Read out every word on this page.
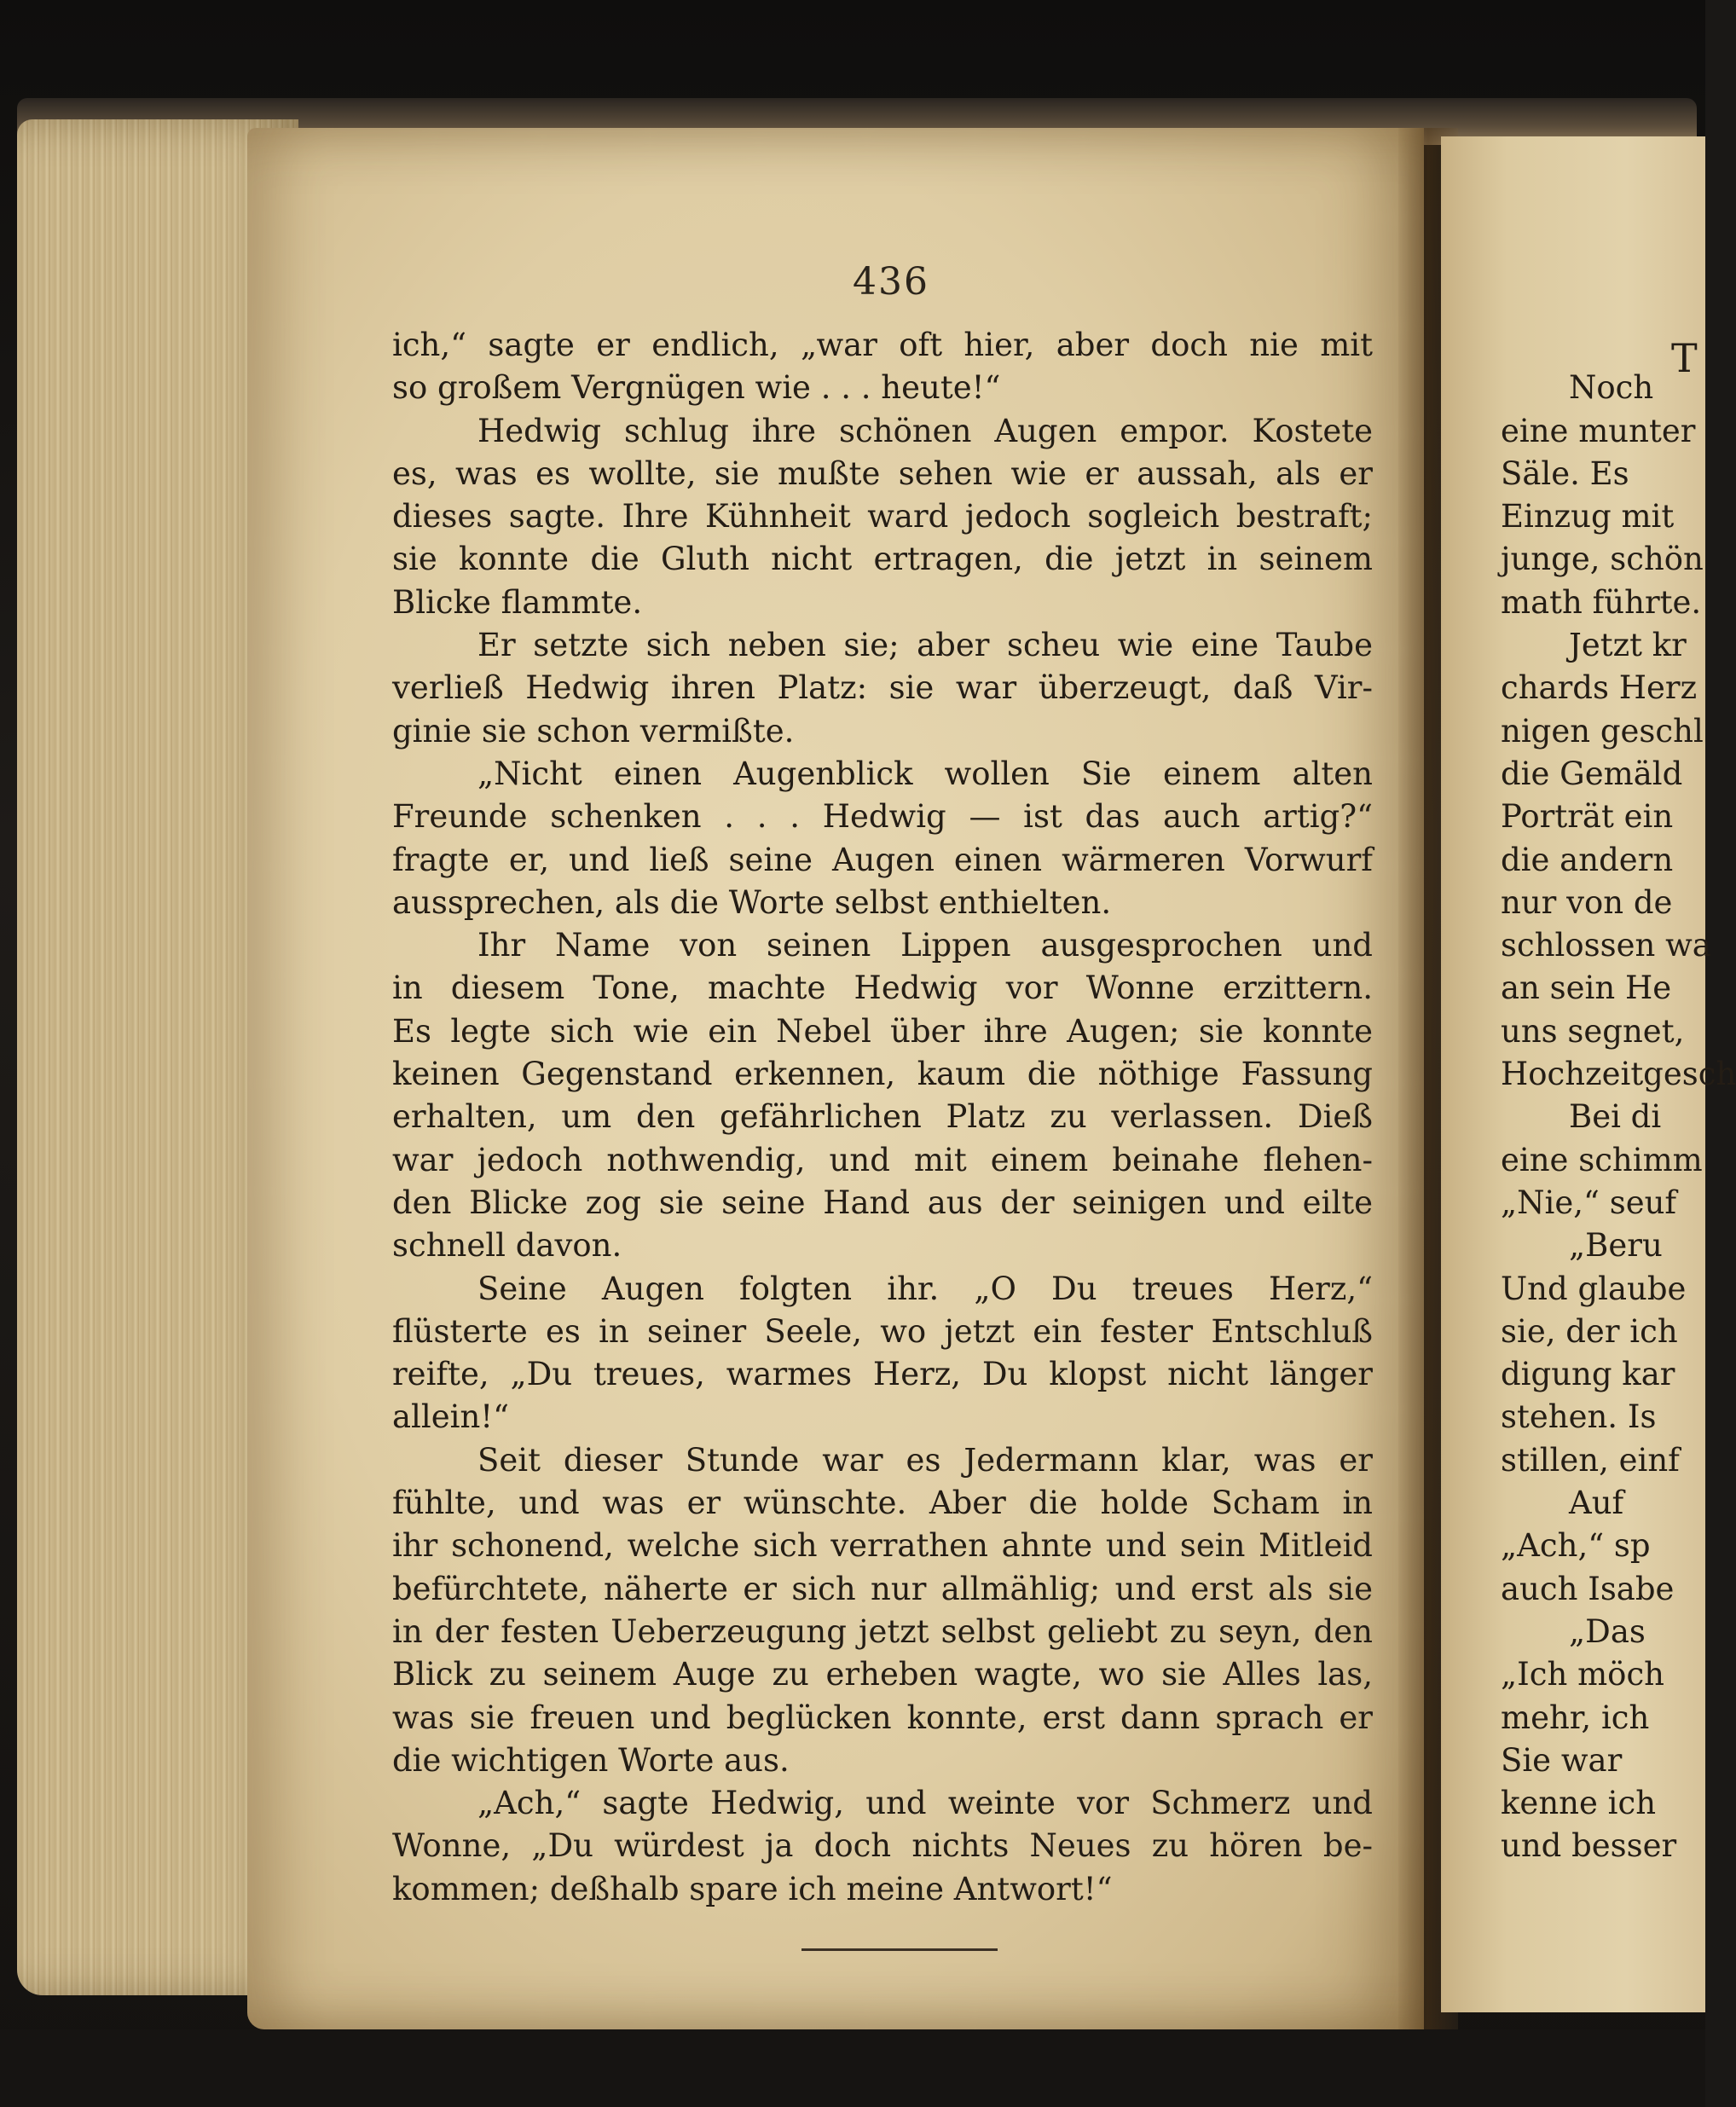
436
ich,“ sagte er endlich, „war oft hier, aber doch nie mit
so großem Vergnügen wie . . . heute!“
Hedwig schlug ihre schönen Augen empor. Kostete
es, was es wollte, sie mußte sehen wie er aussah, als er
dieses sagte. Ihre Kühnheit ward jedoch sogleich bestraft;
sie konnte die Gluth nicht ertragen, die jetzt in seinem
Blicke flammte.
Er setzte sich neben sie; aber scheu wie eine Taube
verließ Hedwig ihren Platz: sie war überzeugt, daß Vir-
ginie sie schon vermißte.
„Nicht einen Augenblick wollen Sie einem alten
Freunde schenken . . . Hedwig — ist das auch artig?“
fragte er, und ließ seine Augen einen wärmeren Vorwurf
aussprechen, als die Worte selbst enthielten.
Ihr Name von seinen Lippen ausgesprochen und
in diesem Tone, machte Hedwig vor Wonne erzittern.
Es legte sich wie ein Nebel über ihre Augen; sie konnte
keinen Gegenstand erkennen, kaum die nöthige Fassung
erhalten, um den gefährlichen Platz zu verlassen. Dieß
war jedoch nothwendig, und mit einem beinahe flehen-
den Blicke zog sie seine Hand aus der seinigen und eilte
schnell davon.
Seine Augen folgten ihr. „O Du treues Herz,“
flüsterte es in seiner Seele, wo jetzt ein fester Entschluß
reifte, „Du treues, warmes Herz, Du klopst nicht länger
allein!“
Seit dieser Stunde war es Jedermann klar, was er
fühlte, und was er wünschte. Aber die holde Scham in
ihr schonend, welche sich verrathen ahnte und sein Mitleid
befürchtete, näherte er sich nur allmählig; und erst als sie
in der festen Ueberzeugung jetzt selbst geliebt zu seyn, den
Blick zu seinem Auge zu erheben wagte, wo sie Alles las,
was sie freuen und beglücken konnte, erst dann sprach er
die wichtigen Worte aus.
„Ach,“ sagte Hedwig, und weinte vor Schmerz und
Wonne, „Du würdest ja doch nichts Neues zu hören be-
kommen; deßhalb spare ich meine Antwort!“
T
Noch
eine munter
Säle. Es
Einzug mit
junge, schön
math führte.
Jetzt kr
chards Herz
nigen geschl
die Gemäld
Porträt ein
die andern
nur von de
schlossen wa
an sein He
uns segnet,
Hochzeitgesch
Bei di
eine schimm
„Nie,“ seuf
„Beru
Und glaube
sie, der ich
digung kar
stehen. Is
stillen, einf
Auf
„Ach,“ sp
auch Isabe
„Das
„Ich möch
mehr, ich
Sie war
kenne ich
und besser
